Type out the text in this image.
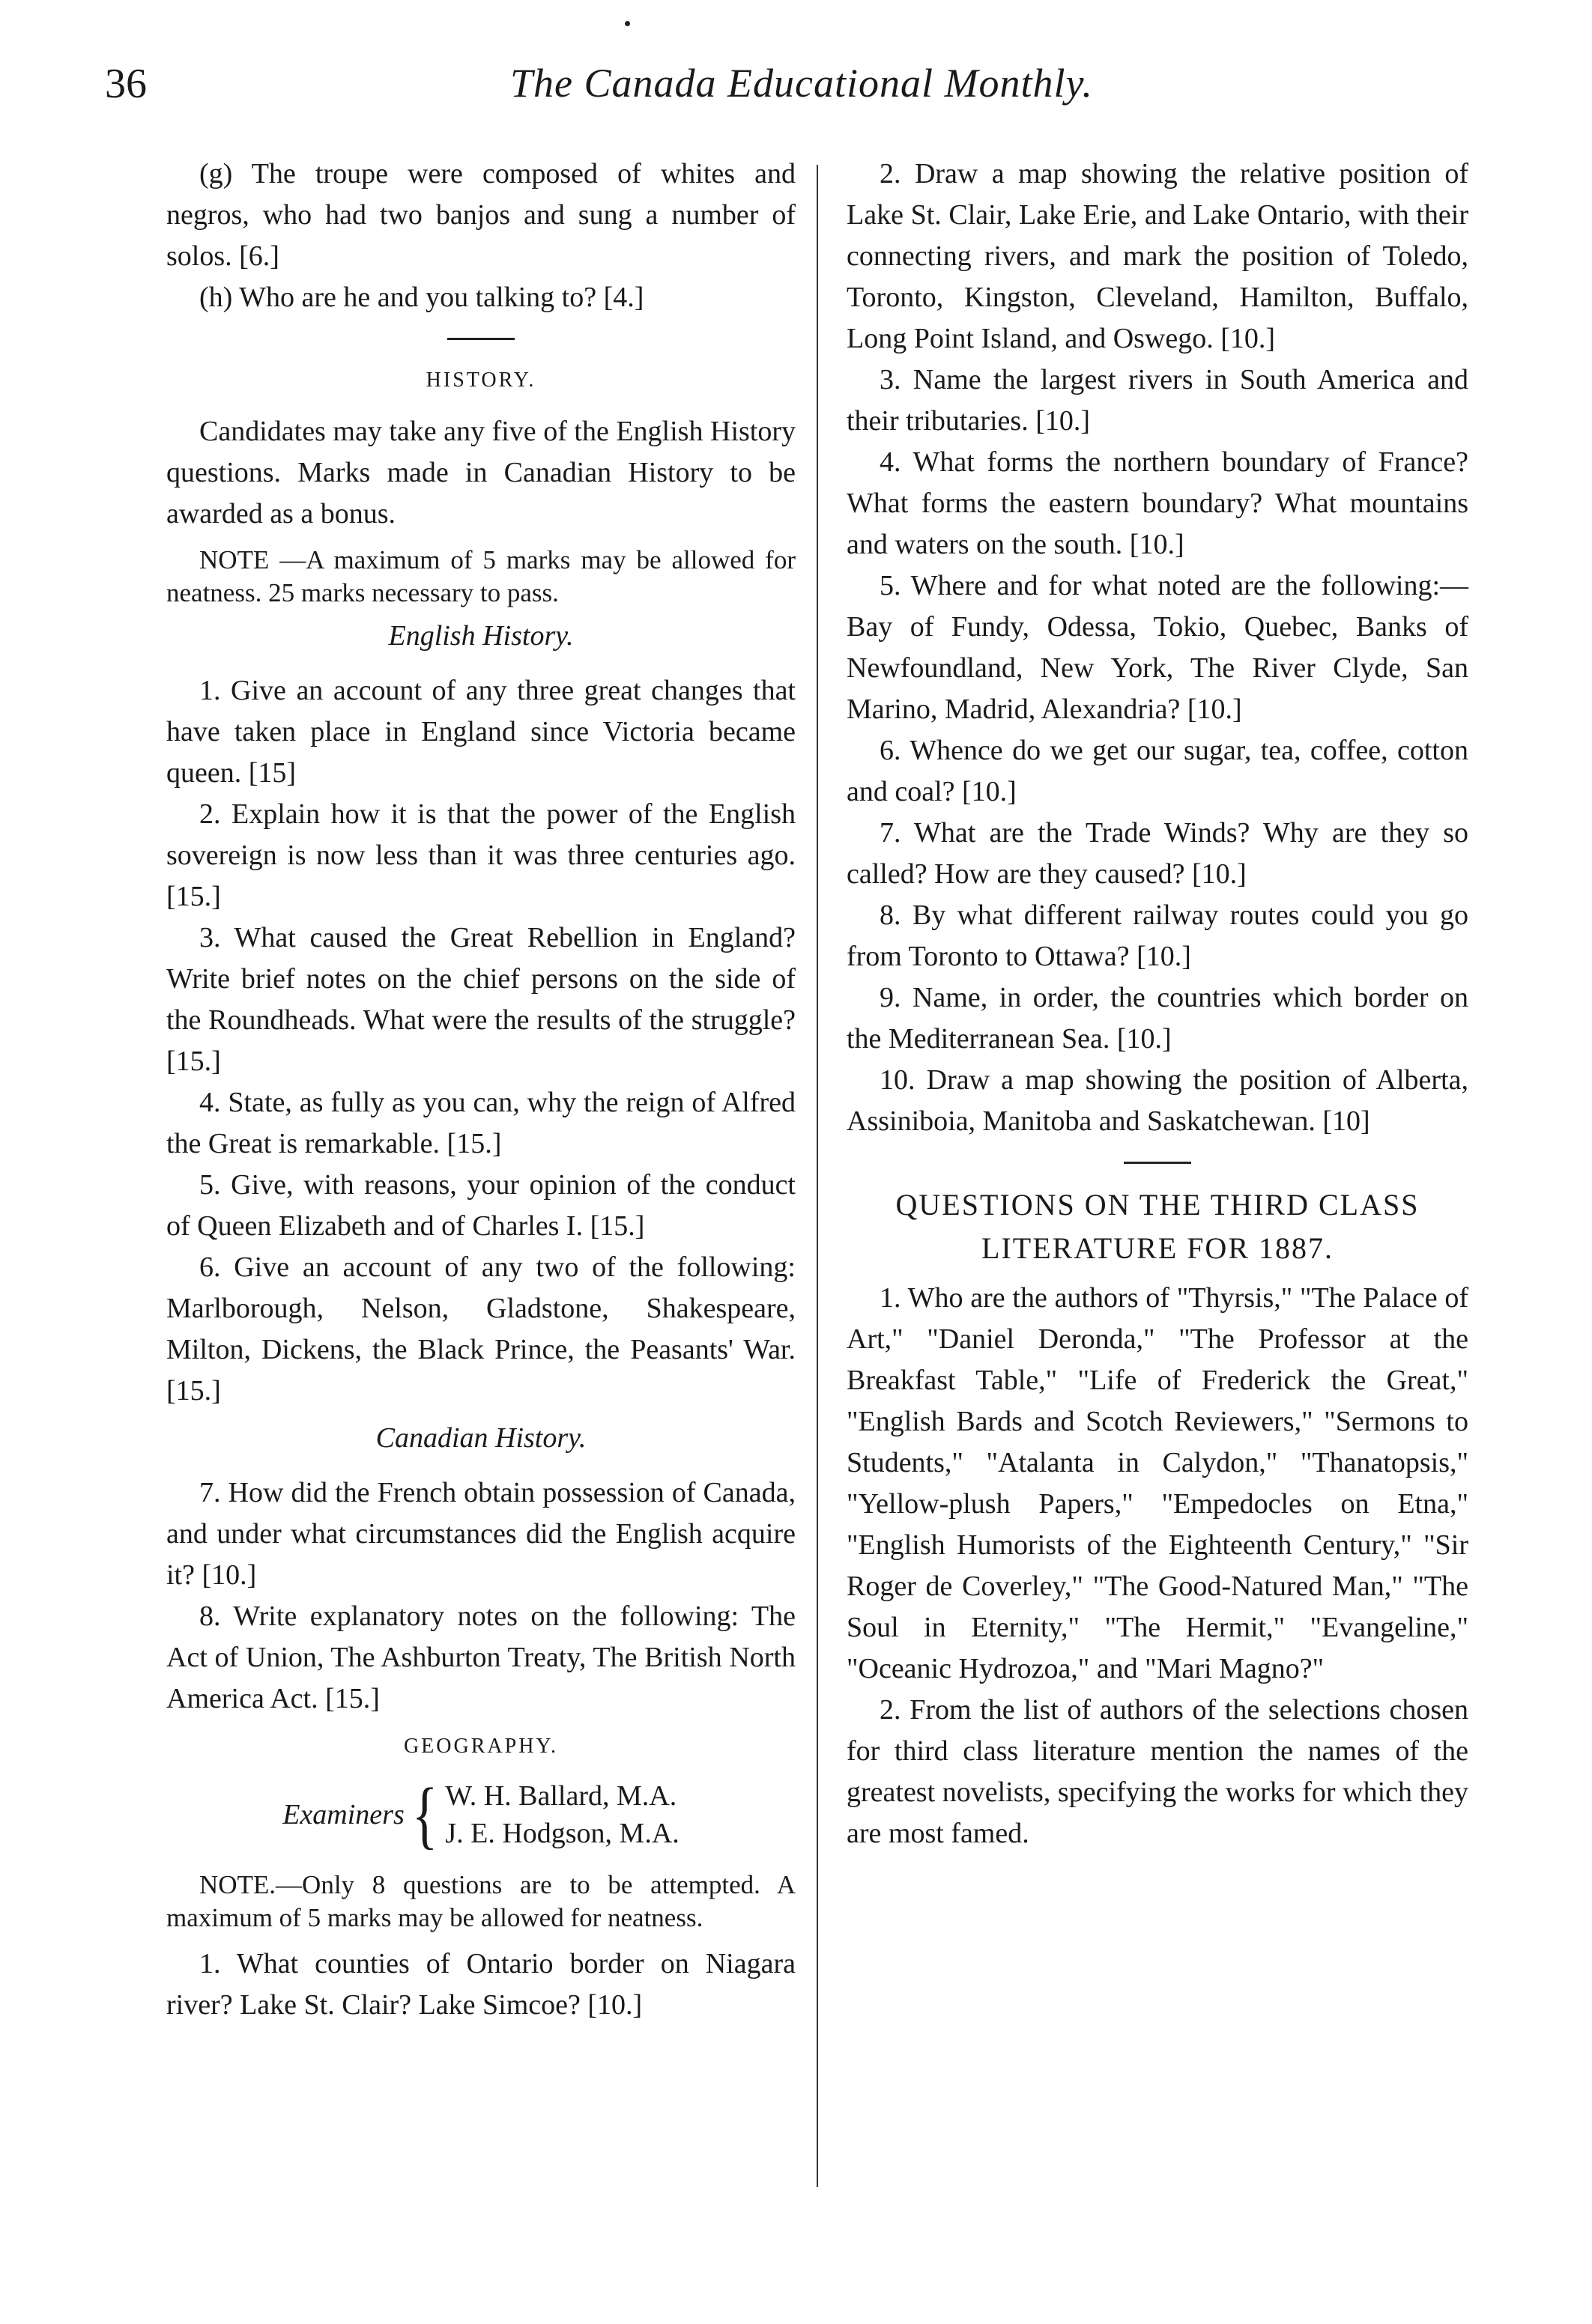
36	The Canada Educational Monthly.

(g) The troupe were composed of whites and negros, who had two banjos and sung a number of solos. [6.]

(h) Who are he and you talking to? [4.]

HISTORY.

Candidates may take any five of the English History questions. Marks made in Canadian History to be awarded as a bonus.

NOTE —A maximum of 5 marks may be allowed for neatness. 25 marks necessary to pass.

English History.

1. Give an account of any three great changes that have taken place in England since Victoria became queen. [15]

2. Explain how it is that the power of the English sovereign is now less than it was three centuries ago. [15.]

3. What caused the Great Rebellion in England? Write brief notes on the chief persons on the side of the Roundheads. What were the results of the struggle? [15.]

4. State, as fully as you can, why the reign of Alfred the Great is remarkable. [15.]

5. Give, with reasons, your opinion of the conduct of Queen Elizabeth and of Charles I. [15.]

6. Give an account of any two of the following: Marlborough, Nelson, Gladstone, Shakespeare, Milton, Dickens, the Black Prince, the Peasants' War. [15.]

Canadian History.

7. How did the French obtain possession of Canada, and under what circumstances did the English acquire it? [10.]

8. Write explanatory notes on the following: The Act of Union, The Ashburton Treaty, The British North America Act. [15.]

GEOGRAPHY.

Examiners { W. H. Ballard, M.A.
J. E. Hodgson, M.A.

NOTE.—Only 8 questions are to be attempted. A maximum of 5 marks may be allowed for neatness.

1. What counties of Ontario border on Niagara river? Lake St. Clair? Lake Simcoe? [10.]

2. Draw a map showing the relative position of Lake St. Clair, Lake Erie, and Lake Ontario, with their connecting rivers, and mark the position of Toledo, Toronto, Kingston, Cleveland, Hamilton, Buffalo, Long Point Island, and Oswego. [10.]

3. Name the largest rivers in South America and their tributaries. [10.]

4. What forms the northern boundary of France? What forms the eastern boundary? What mountains and waters on the south. [10.]

5. Where and for what noted are the following:—Bay of Fundy, Odessa, Tokio, Quebec, Banks of Newfoundland, New York, The River Clyde, San Marino, Madrid, Alexandria? [10.]

6. Whence do we get our sugar, tea, coffee, cotton and coal? [10.]

7. What are the Trade Winds? Why are they so called? How are they caused? [10.]

8. By what different railway routes could you go from Toronto to Ottawa? [10.]

9. Name, in order, the countries which border on the Mediterranean Sea. [10.]

10. Draw a map showing the position of Alberta, Assiniboia, Manitoba and Saskatchewan. [10]

QUESTIONS ON THE THIRD CLASS
LITERATURE FOR 1887.

1. Who are the authors of "Thyrsis," "The Palace of Art," "Daniel Deronda," "The Professor at the Breakfast Table," "Life of Frederick the Great," "English Bards and Scotch Reviewers," "Sermons to Students," "Atalanta in Calydon," "Thanatopsis," "Yellow-plush Papers," "Empedocles on Etna," "English Humorists of the Eighteenth Century," "Sir Roger de Coverley," "The Good-Natured Man," "The Soul in Eternity," "The Hermit," "Evangeline," "Oceanic Hydrozoa," and "Mari Magno?"

2. From the list of authors of the selections chosen for third class literature mention the names of the greatest novelists, specifying the works for which they are most famed.
